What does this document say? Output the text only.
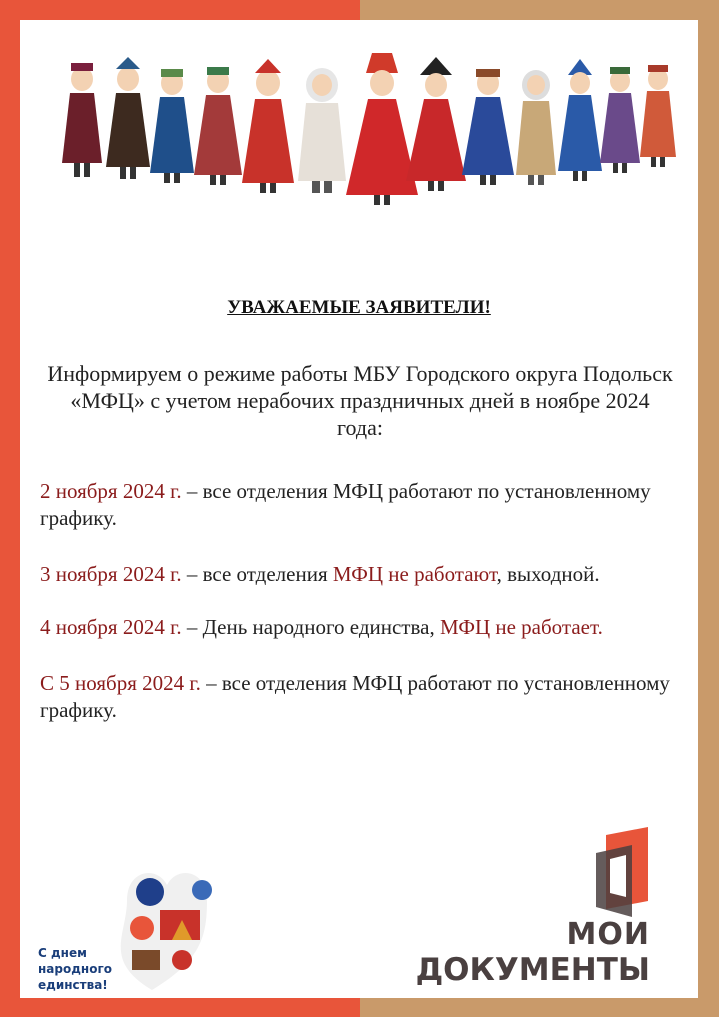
УВАЖАЕМЫЕ ЗАЯВИТЕЛИ!
Информируем о режиме работы МБУ Городского округа Подольск «МФЦ» с учетом нерабочих праздничных дней в ноябре 2024 года:
2 ноября 2024 г. – все отделения МФЦ работают по установленному графику.
3 ноября 2024 г. – все отделения МФЦ не работают, выходной.
4 ноября 2024 г. – День народного единства, МФЦ не работает.
С 5 ноября 2024 г. – все отделения МФЦ работают по установленному графику.
С днем
народного
единства!
МОИ
ДОКУМЕНТЫ
